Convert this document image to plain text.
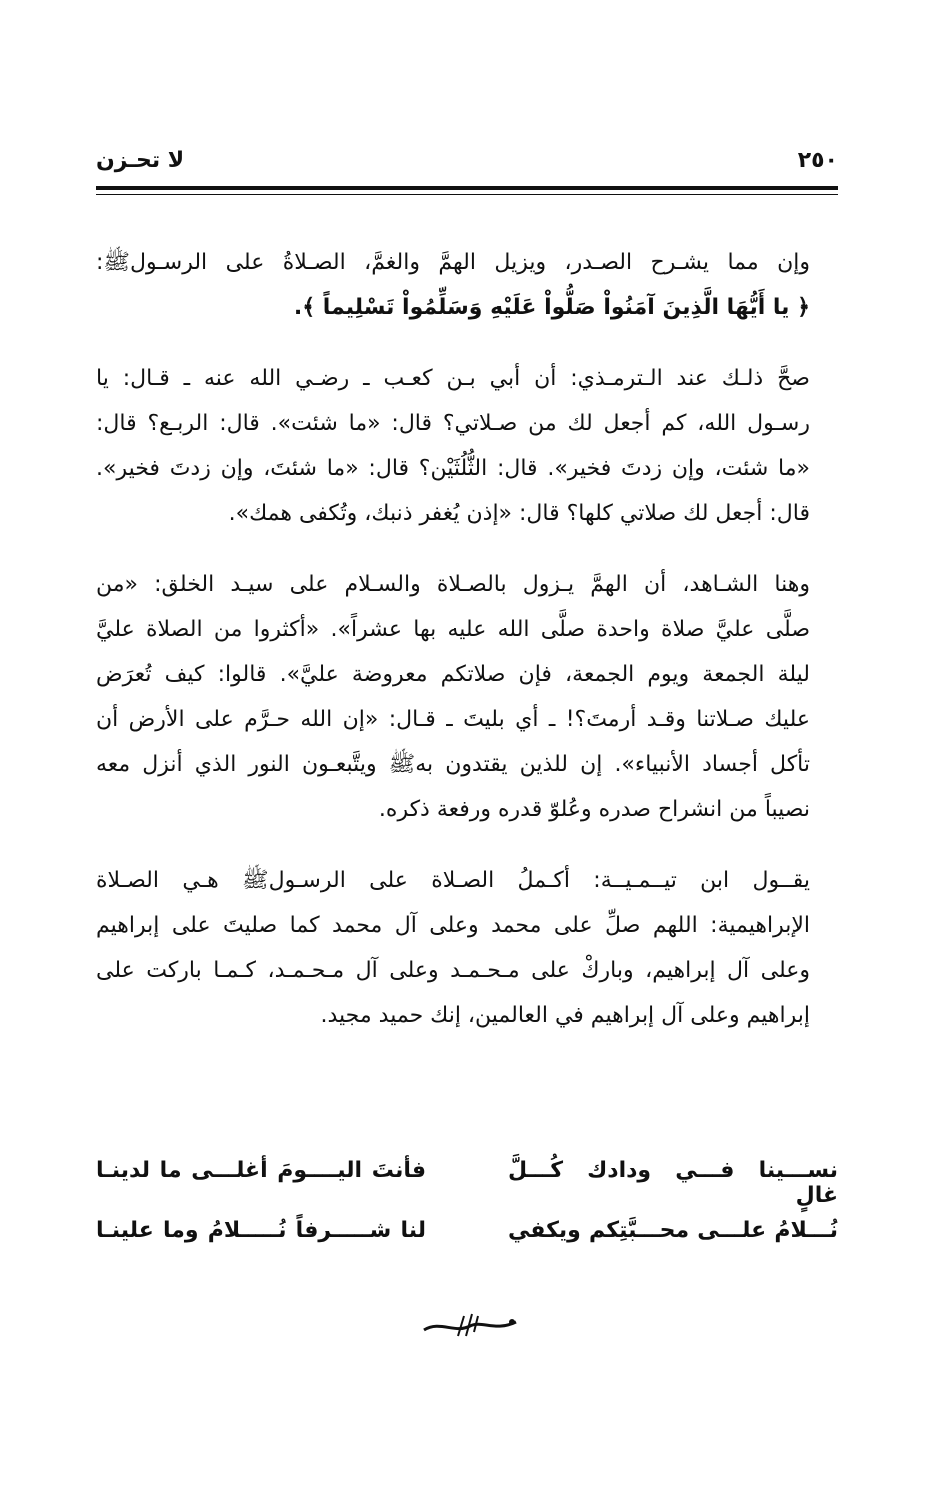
٢٥٠
لا تحـزن

وإن مما يشـرح الصـدر، ويزيل الهمَّ والغمَّ، الصـلاةُ على الرسـولﷺ:
﴿ يا أَيُّهَا الَّذِينَ آمَنُواْ صَلُّواْ عَلَيْهِ وَسَلِّمُواْ تَسْلِيماً ﴾.

صحَّ ذلـك عند الـترمـذي: أن أبي بـن كعـب ـ رضـي الله عنه ـ قـال: يا
رسـول الله، كم أجعل لك من صـلاتي؟ قال: «ما شئت». قال: الربـع؟ قال:
«ما شئت، وإن زدتَ فخير». قال: الثُّلُثَيْن؟ قال: «ما شئتَ، وإن زدتَ فخير».
قال: أجعل لك صلاتي كلها؟ قال: «إذن يُغفر ذنبك، وتُكفى همك».

وهنا الشـاهد، أن الهمَّ يـزول بالصـلاة والسـلام على سيـد الخلق: «من
صلَّى عليَّ صلاة واحدة صلَّى الله عليه بها عشراً». «أكثروا من الصلاة عليَّ
ليلة الجمعة ويوم الجمعة، فإن صلاتكم معروضة عليَّ». قالوا: كيف تُعرَض
عليك صـلاتنا وقـد أرمتَ؟! ـ أي بليتَ ـ قـال: «إن الله حـرَّم على الأرض أن
تأكل أجساد الأنبياء». إن للذين يقتدون بهﷺ ويتَّبعـون النور الذي أنزل معه
نصيباً من انشراح صدره وعُلوّ قدره ورفعة ذكره.

يقــول ابن تيــمـيــة: أكـملُ الصـلاة على الرسـولﷺ هـي الصـلاة
الإبراهيمية: اللهم صلِّ على محمد وعلى آل محمد كما صليتَ على إبراهيم
وعلى آل إبراهيم، وباركْ على مـحـمـد وعلى آل مـحـمـد، كـمـا باركت على
إبراهيم وعلى آل إبراهيم في العالمين، إنك حميد مجيد.

نســـينا فـــي ودادك كُـــلَّ غالٍ
فأنتَ اليــــومَ أغلـــى ما لدينـا
نُـــلامُ علـــى محـــبَّتِكم ويكفي
لنا شـــــرفاً نُـــــلامُ وما علينـا
